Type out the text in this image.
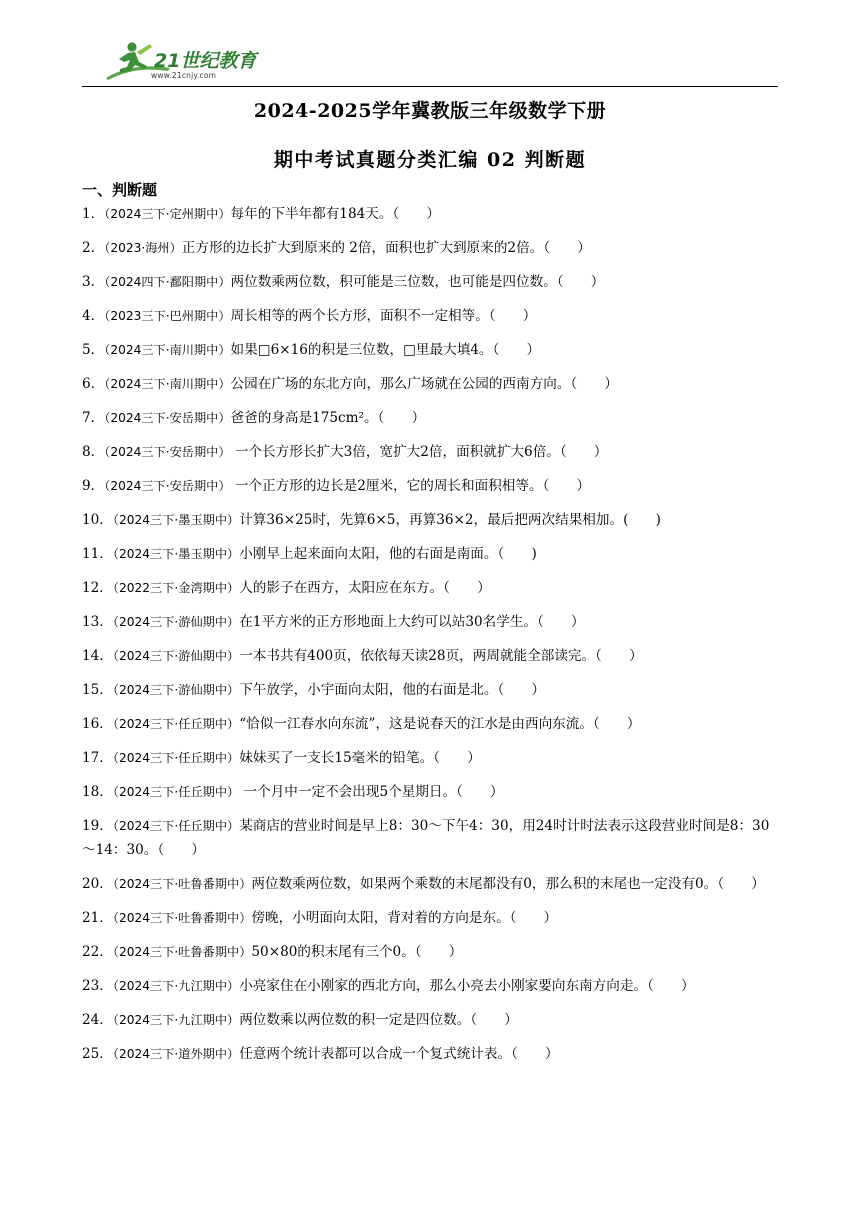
21世纪教育
www.21cnjy.com
2024-2025学年冀教版三年级数学下册
期中考试真题分类汇编 02 判断题
一、判断题
1．（2024三下·定州期中）每年的下半年都有184天。（　　）
2．（2023·海州）正方形的边长扩大到原来的 2倍，面积也扩大到原来的2倍。（　　）
3．（2024四下·鄱阳期中）两位数乘两位数，积可能是三位数，也可能是四位数。（　　）
4．（2023三下·巴州期中）周长相等的两个长方形，面积不一定相等。（　　）
5．（2024三下·南川期中）如果□6×16的积是三位数，□里最大填4。（　　）
6．（2024三下·南川期中）公园在广场的东北方向，那么广场就在公园的西南方向。（　　）
7．（2024三下·安岳期中）爸爸的身高是175cm²。（　　）
8．（2024三下·安岳期中） 一个长方形长扩大3倍，宽扩大2倍，面积就扩大6倍。（　　）
9．（2024三下·安岳期中） 一个正方形的边长是2厘米，它的周长和面积相等。（　　）
10．（2024三下·墨玉期中）计算36×25时，先算6×5，再算36×2，最后把两次结果相加。(　　)
11．（2024三下·墨玉期中）小刚早上起来面向太阳，他的右面是南面。（　　)
12．（2022三下·金湾期中）人的影子在西方，太阳应在东方。（　　）
13．（2024三下·游仙期中）在1平方米的正方形地面上大约可以站30名学生。（　　）
14．（2024三下·游仙期中）一本书共有400页，依依每天读28页，两周就能全部读完。（　　）
15．（2024三下·游仙期中）下午放学，小宇面向太阳，他的右面是北。（　　）
16．（2024三下·任丘期中）“恰似一江春水向东流”，这是说春天的江水是由西向东流。（　　）
17．（2024三下·任丘期中）妹妹买了一支长15毫米的铅笔。（　　）
18．（2024三下·任丘期中） 一个月中一定不会出现5个星期日。（　　）
19．（2024三下·任丘期中）某商店的营业时间是早上8：30～下午4：30，用24时计时法表示这段营业时间是8：30～14：30。（　　）
20．（2024三下·吐鲁番期中）两位数乘两位数，如果两个乘数的末尾都没有0，那么积的末尾也一定没有0。（　　）
21．（2024三下·吐鲁番期中）傍晚，小明面向太阳，背对着的方向是东。（　　）
22．（2024三下·吐鲁番期中）50×80的积末尾有三个0。（　　）
23．（2024三下·九江期中）小亮家住在小刚家的西北方向，那么小亮去小刚家要向东南方向走。（　　）
24．（2024三下·九江期中）两位数乘以两位数的积一定是四位数。（　　）
25．（2024三下·道外期中）任意两个统计表都可以合成一个复式统计表。（　　）
